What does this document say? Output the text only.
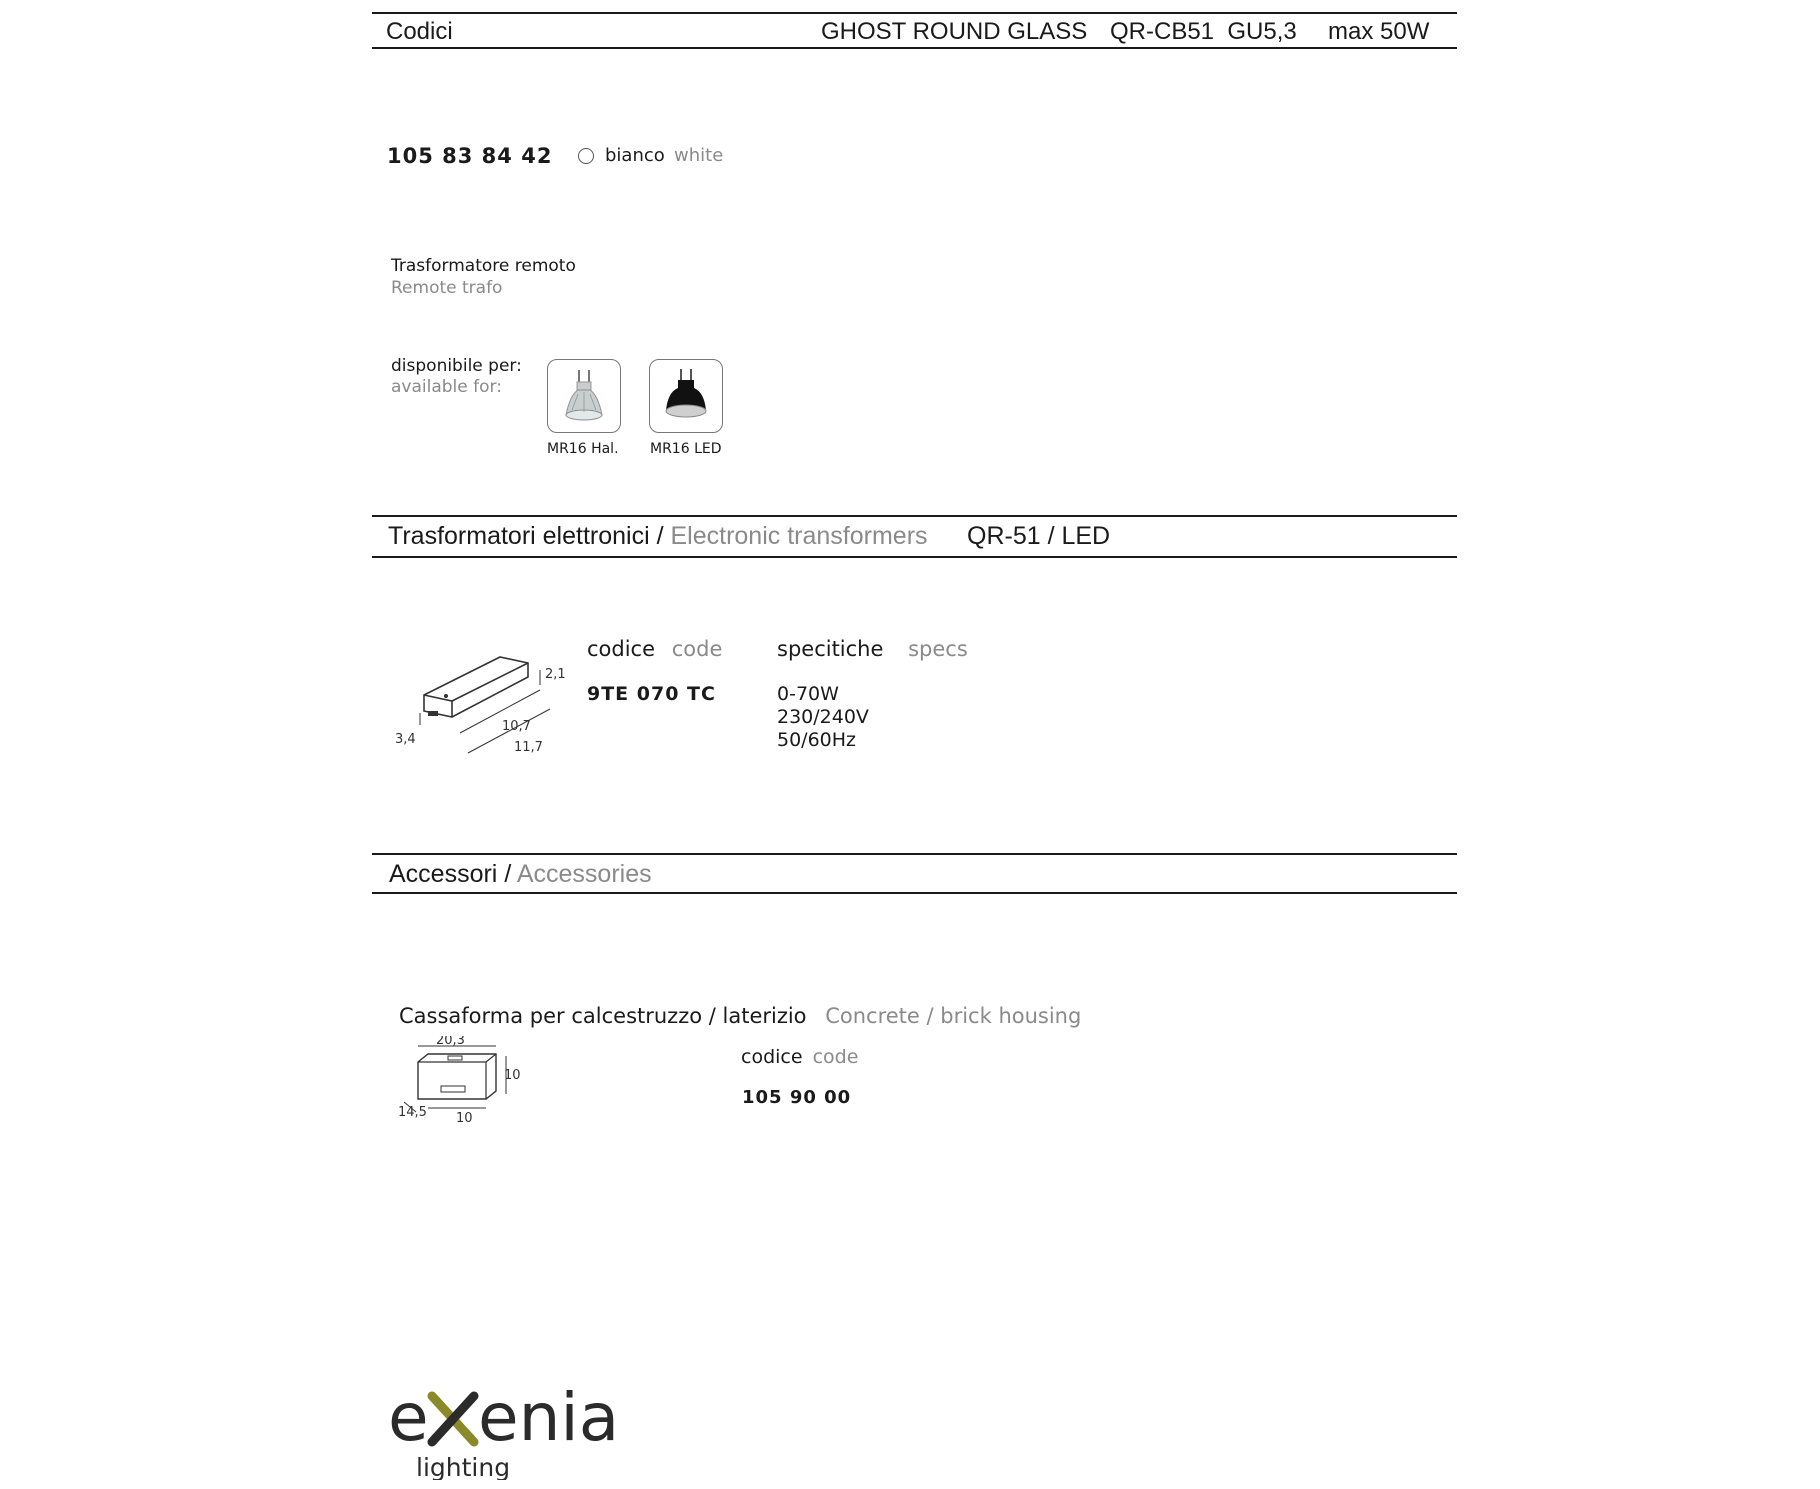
Codici	GHOST ROUND GLASS QR-CB51  GU5,3 max 50W
105 83 84 42	bianco white
Trasformatore remoto
Remote trafo
disponibile per:
available for:
MR16 Hal. MR16 LED
Trasformatori elettronici / Electronic transformers QR-51 / LED
2,1
3,4
10,7
11,7
codice code	specitiche specs
9TE 070 TC	0-70W
230/240V
50/60Hz
Accessori / Accessories
Cassaforma per calcestruzzo / laterizio Concrete / brick housing
20,3
10
14,5 10
codice code
105 90 00
e enia
lighting
